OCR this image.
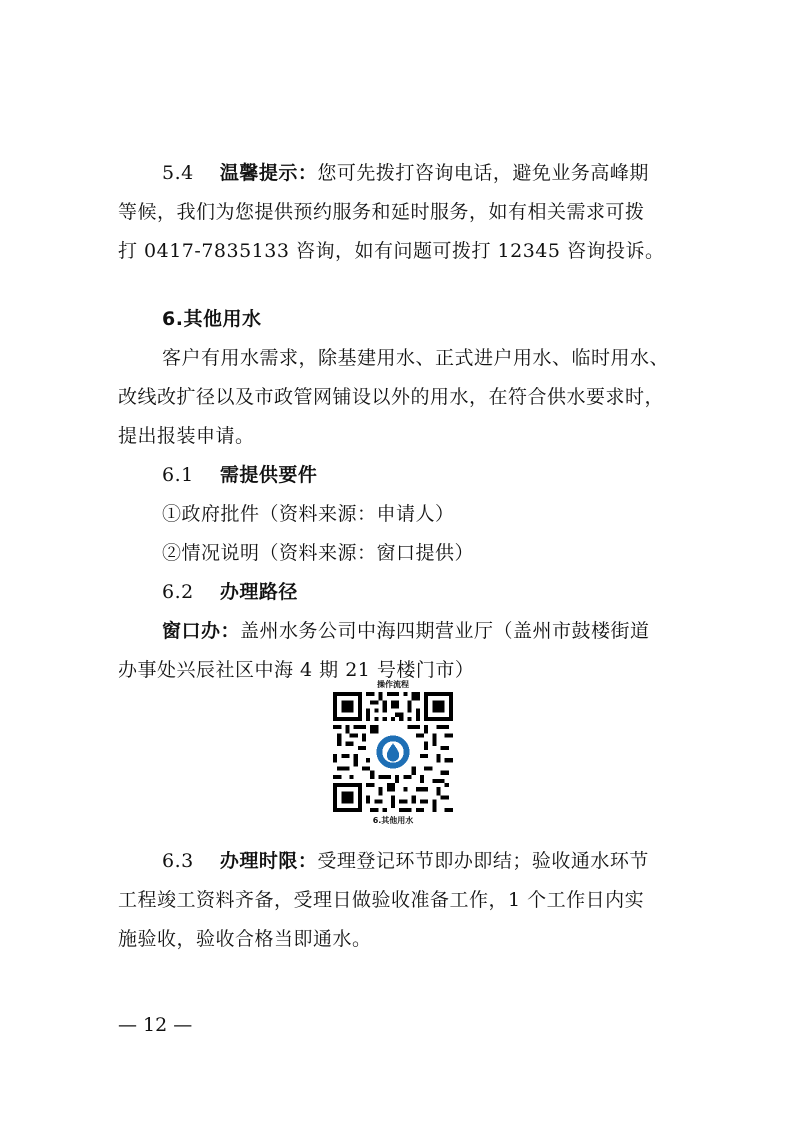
5.4 温馨提示：您可先拨打咨询电话，避免业务高峰期
等候，我们为您提供预约服务和延时服务，如有相关需求可拨
打 0417-7835133 咨询，如有问题可拨打 12345 咨询投诉。
6.其他用水
客户有用水需求，除基建用水、正式进户用水、临时用水、
改线改扩径以及市政管网铺设以外的用水，在符合供水要求时，
提出报装申请。
6.1 需提供要件
①政府批件（资料来源：申请人）
②情况说明（资料来源：窗口提供）
6.2 办理路径
窗口办：盖州水务公司中海四期营业厅（盖州市鼓楼街道
办事处兴辰社区中海 4 期 21 号楼门市）
操作流程
6.其他用水
6.3 办理时限：受理登记环节即办即结；验收通水环节
工程竣工资料齐备，受理日做验收准备工作，1 个工作日内实
施验收，验收合格当即通水。
— 12 —
